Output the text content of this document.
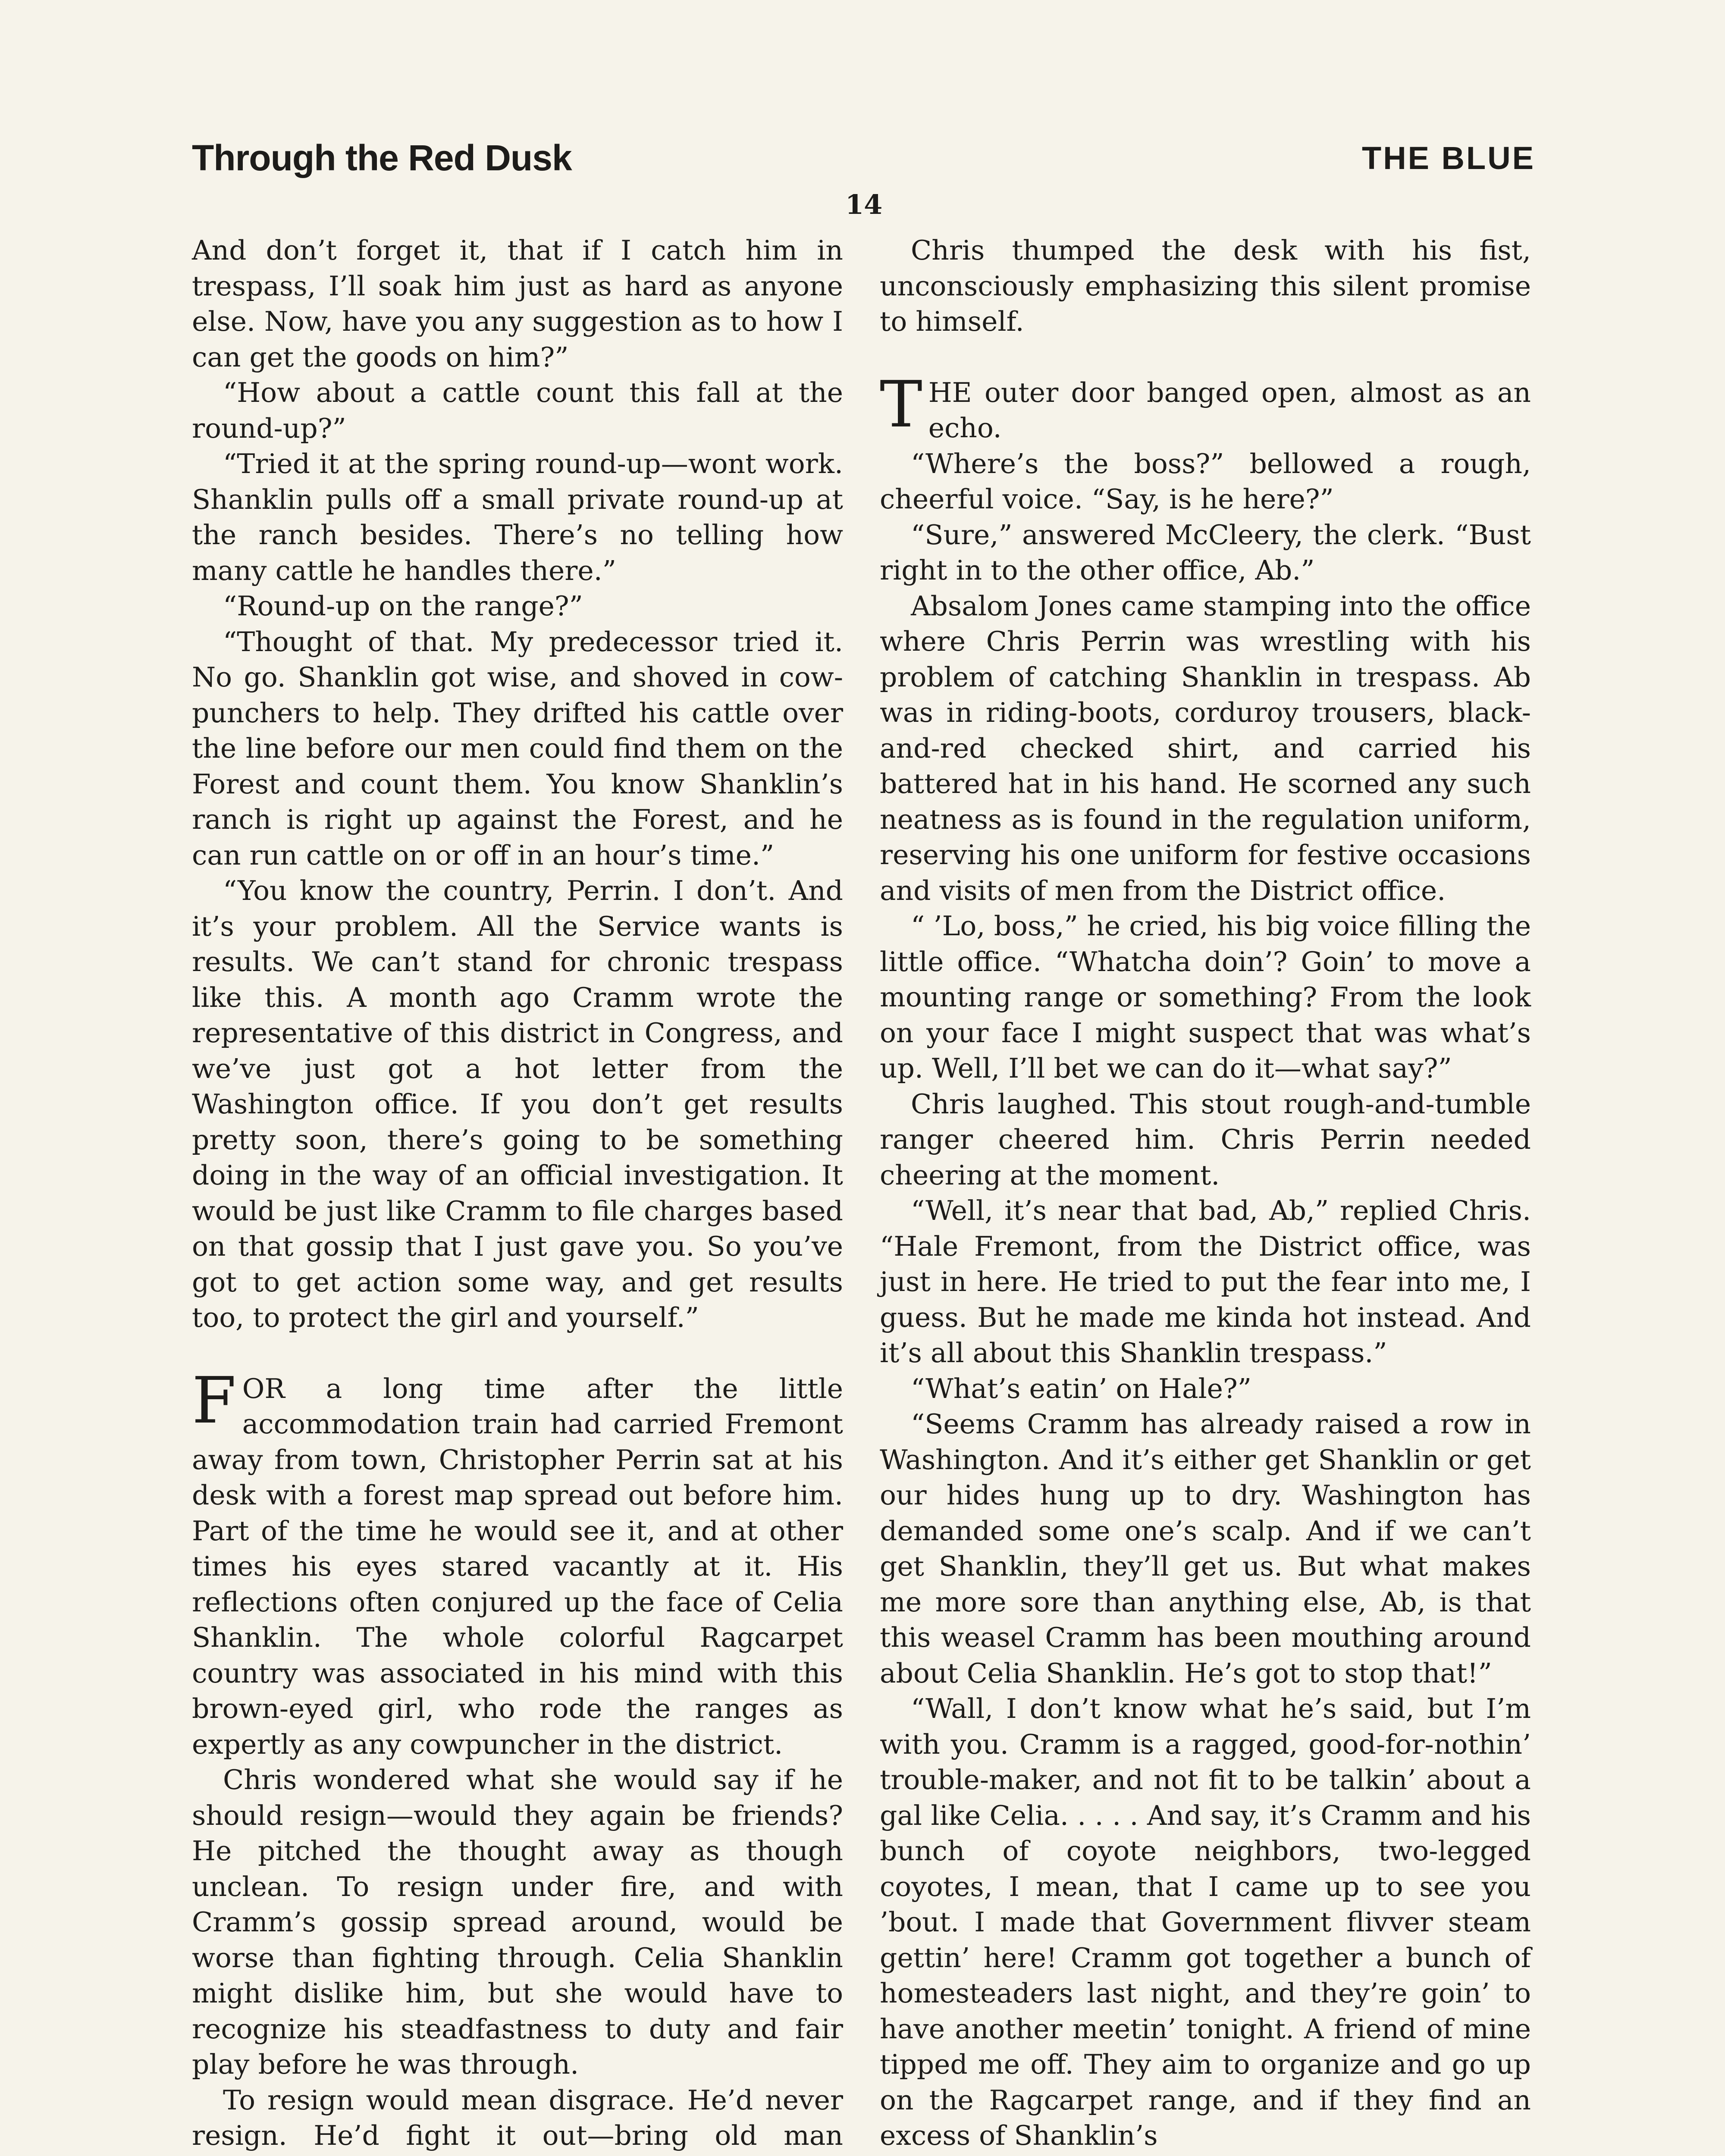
Through the Red Dusk	THE BLUE
14

And don’t forget it, that if I catch him in trespass, I’ll soak him just as hard as anyone else. Now, have you any suggestion as to how I can get the goods on him?”

“How about a cattle count this fall at the round-up?”

“Tried it at the spring round-up—wont work. Shanklin pulls off a small private round-up at the ranch besides. There’s no telling how many cattle he handles there.”

“Round-up on the range?”

“Thought of that. My predecessor tried it. No go. Shanklin got wise, and shoved in cow-punchers to help. They drifted his cattle over the line before our men could find them on the Forest and count them. You know Shanklin’s ranch is right up against the Forest, and he can run cattle on or off in an hour’s time.”

“You know the country, Perrin. I don’t. And it’s your problem. All the Service wants is results. We can’t stand for chronic trespass like this. A month ago Cramm wrote the representative of this district in Congress, and we’ve just got a hot letter from the Washington office. If you don’t get results pretty soon, there’s going to be something doing in the way of an official investigation. It would be just like Cramm to file charges based on that gossip that I just gave you. So you’ve got to get action some way, and get results too, to protect the girl and yourself.”

FOR a long time after the little accommodation train had carried Fremont away from town, Christopher Perrin sat at his desk with a forest map spread out before him. Part of the time he would see it, and at other times his eyes stared vacantly at it. His reflections often conjured up the face of Celia Shanklin. The whole colorful Ragcarpet country was associated in his mind with this brown-eyed girl, who rode the ranges as expertly as any cowpuncher in the district.

Chris wondered what she would say if he should resign—would they again be friends? He pitched the thought away as though unclean. To resign under fire, and with Cramm’s gossip spread around, would be worse than fighting through. Celia Shanklin might dislike him, but she would have to recognize his steadfastness to duty and fair play before he was through.

To resign would mean disgrace. He’d never resign. He’d fight it out—bring old man

Chris thumped the desk with his fist, unconsciously emphasizing this silent promise to himself.

THE outer door banged open, almost as an echo.

“Where’s the boss?” bellowed a rough, cheerful voice. “Say, is he here?”

“Sure,” answered McCleery, the clerk. “Bust right in to the other office, Ab.”

Absalom Jones came stamping into the office where Chris Perrin was wrestling with his problem of catching Shanklin in trespass. Ab was in riding-boots, corduroy trousers, black-and-red checked shirt, and carried his battered hat in his hand. He scorned any such neatness as is found in the regulation uniform, reserving his one uniform for festive occasions and visits of men from the District office.

“ ’Lo, boss,” he cried, his big voice filling the little office. “Whatcha doin’? Goin’ to move a mounting range or something? From the look on your face I might suspect that was what’s up. Well, I’ll bet we can do it—what say?”

Chris laughed. This stout rough-and-tumble ranger cheered him. Chris Perrin needed cheering at the moment.

“Well, it’s near that bad, Ab,” replied Chris. “Hale Fremont, from the District office, was just in here. He tried to put the fear into me, I guess. But he made me kinda hot instead. And it’s all about this Shanklin trespass.”

“What’s eatin’ on Hale?”

“Seems Cramm has already raised a row in Washington. And it’s either get Shanklin or get our hides hung up to dry. Washington has demanded some one’s scalp. And if we can’t get Shanklin, they’ll get us. But what makes me more sore than anything else, Ab, is that this weasel Cramm has been mouthing around about Celia Shanklin. He’s got to stop that!”

“Wall, I don’t know what he’s said, but I’m with you. Cramm is a ragged, good-for-nothin’ trouble-maker, and not fit to be talkin’ about a gal like Celia. . . . . And say, it’s Cramm and his bunch of coyote neighbors, two-legged coyotes, I mean, that I came up to see you ’bout. I made that Government flivver steam gettin’ here! Cramm got together a bunch of homesteaders last night, and they’re goin’ to have another meetin’ tonight. A friend of mine tipped me off. They aim to organize and go up on the Ragcarpet range, and if they find an excess of Shanklin’s
